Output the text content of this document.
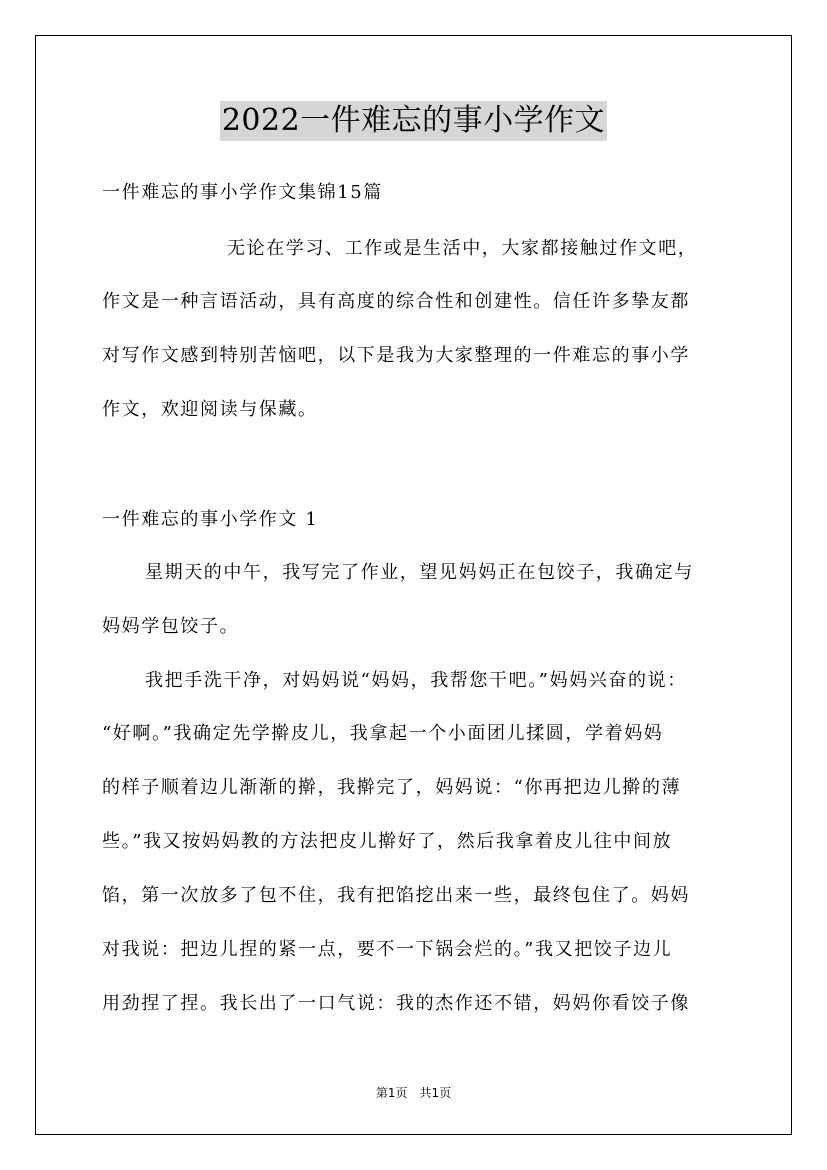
2022一件难忘的事小学作文
一件难忘的事小学作文集锦15篇
无论在学习、工作或是生活中，大家都接触过作文吧，
作文是一种言语活动，具有高度的综合性和创建性。信任许多挚友都
对写作文感到特别苦恼吧，以下是我为大家整理的一件难忘的事小学
作文，欢迎阅读与保藏。
一件难忘的事小学作文 1
星期天的中午，我写完了作业，望见妈妈正在包饺子，我确定与
妈妈学包饺子。
我把手洗干净，对妈妈说“妈妈，我帮您干吧。”妈妈兴奋的说：
“好啊。”我确定先学擀皮儿，我拿起一个小面团儿揉圆，学着妈妈
的样子顺着边儿渐渐的擀，我擀完了，妈妈说：“你再把边儿擀的薄
些。”我又按妈妈教的方法把皮儿擀好了，然后我拿着皮儿往中间放
馅，第一次放多了包不住，我有把馅挖出来一些，最终包住了。妈妈
对我说：把边儿捏的紧一点，要不一下锅会烂的。”我又把饺子边儿
用劲捏了捏。我长出了一口气说：我的杰作还不错，妈妈你看饺子像
第1页　共1页
